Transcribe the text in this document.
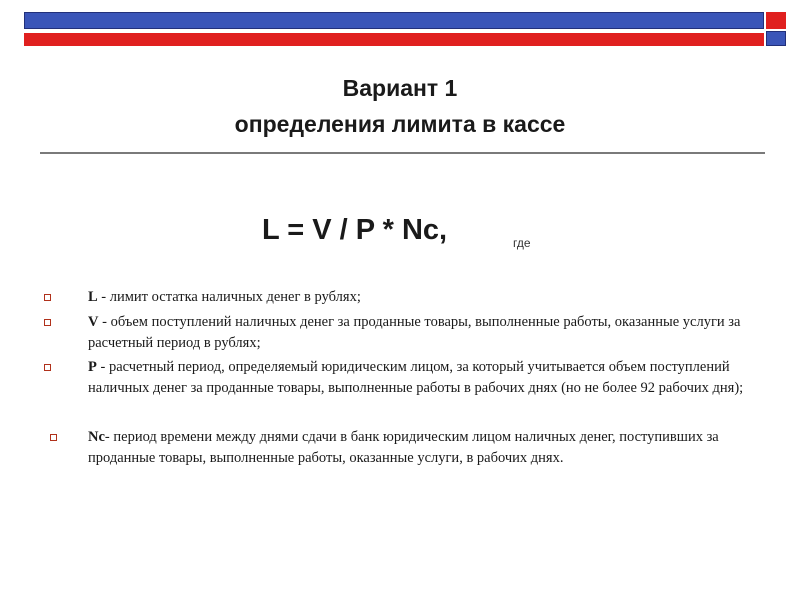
Вариант 1
определения лимита в кассе
L = V / P * Nc,	где
L - лимит остатка наличных денег в рублях;
V - объем поступлений наличных денег за проданные товары, выполненные работы, оказанные услуги за расчетный период в рублях;
P - расчетный период, определяемый юридическим лицом, за который учитывается объем поступлений наличных денег за проданные товары, выполненные работы в рабочих днях (но не более 92 рабочих дня);
Nc- период времени между днями сдачи в банк юридическим лицом наличных денег, поступивших за проданные товары, выполненные работы, оказанные услуги, в рабочих днях.
